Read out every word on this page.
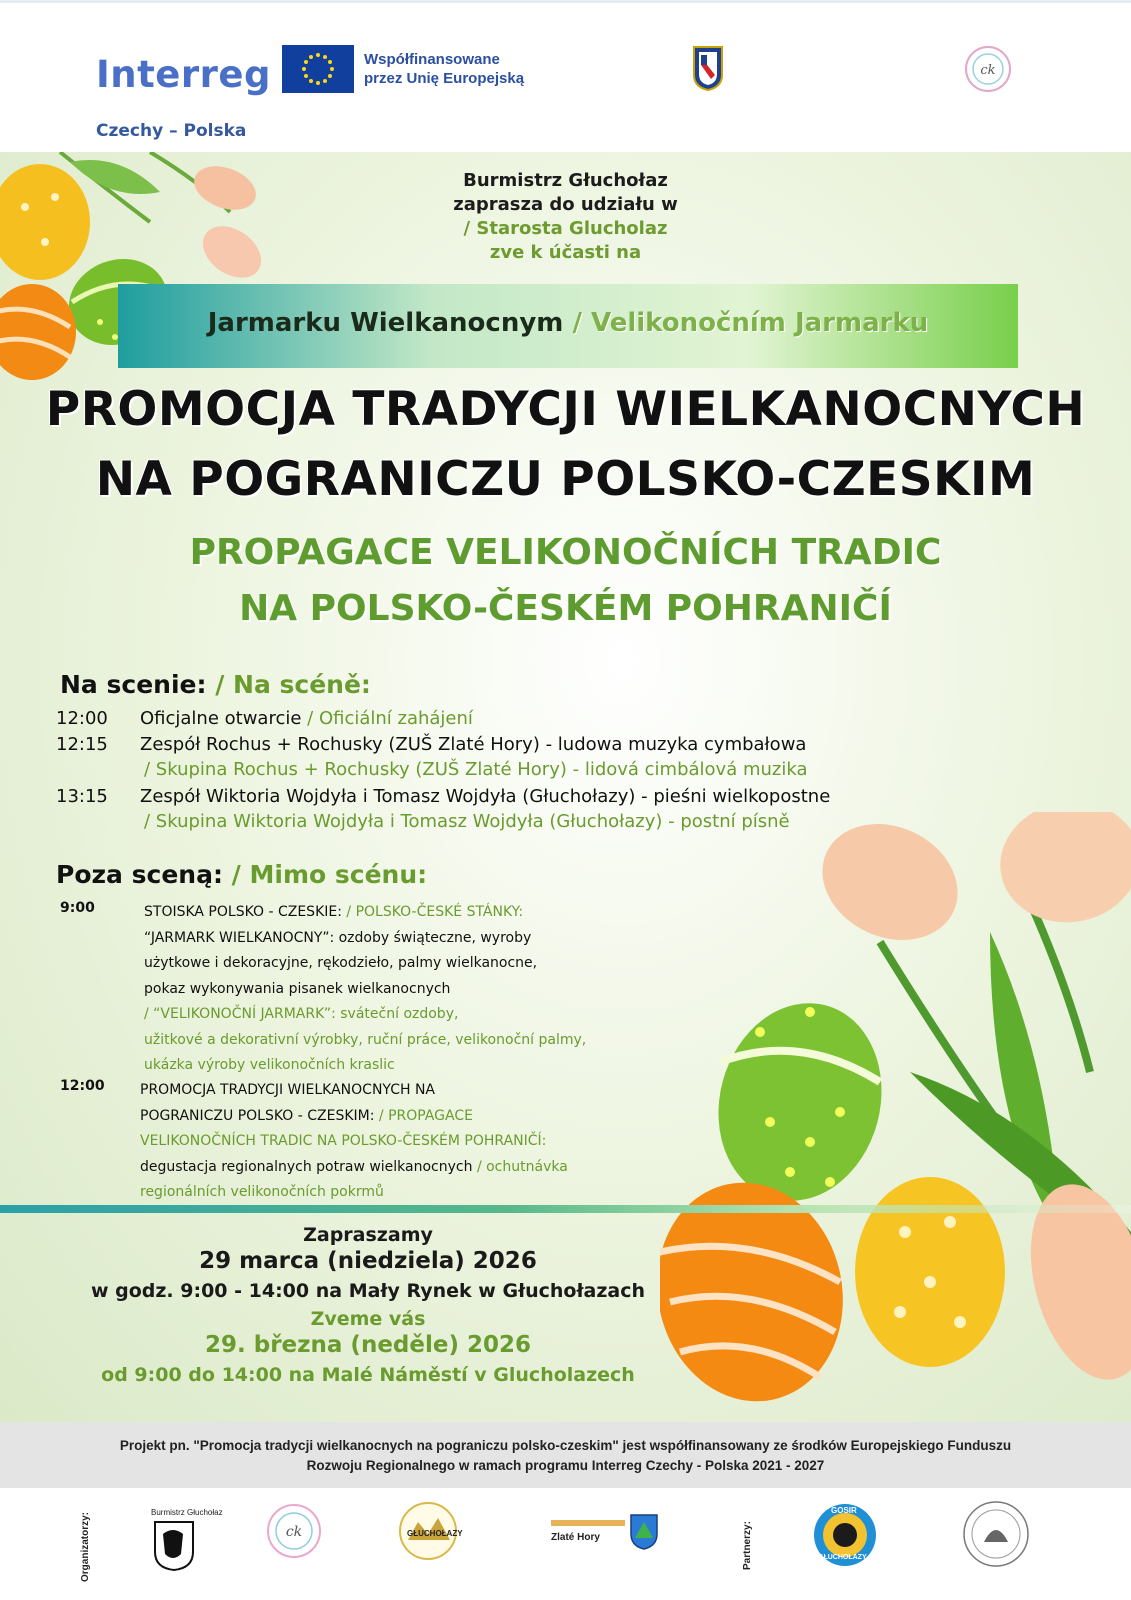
Interreg	Współfinansowane
przez Unię Europejską
Czechy – Polska
ck
Burmistrz Głuchołaz
zaprasza do udziału w
/ Starosta Glucholaz
zve k účasti na
Jarmarku Wielkanocnym / Velikonočním Jarmarku
PROMOCJA TRADYCJI WIELKANOCNYCH
NA POGRANICZU POLSKO-CZESKIM
PROPAGACE VELIKONOČNÍCH TRADIC
NA POLSKO-ČESKÉM POHRANIČÍ
Na scenie: / Na scéně:
12:00 Oficjalne otwarcie / Oficiální zahájení
12:15 Zespół Rochus + Rochusky (ZUŠ Zlaté Hory) - ludowa muzyka cymbałowa
/ Skupina Rochus + Rochusky (ZUŠ Zlaté Hory) - lidová cimbálová muzika
13:15 Zespół Wiktoria Wojdyła i Tomasz Wojdyła (Głuchołazy) - pieśni wielkopostne
/ Skupina Wiktoria Wojdyła i Tomasz Wojdyła (Głuchołazy) - postní písně
Poza sceną: / Mimo scénu:
9:00	STOISKA POLSKO - CZESKIE: / POLSKO-ČESKÉ STÁNKY:
“JARMARK WIELKANOCNY”: ozdoby świąteczne, wyroby
użytkowe i dekoracyjne, rękodzieło, palmy wielkanocne,
pokaz wykonywania pisanek wielkanocnych
/ “VELIKONOČNÍ JARMARK”: sváteční ozdoby,
užitkové a dekorativní výrobky, ruční práce, velikonoční palmy,
ukázka výroby velikonočních kraslic
12:00	PROMOCJA TRADYCJI WIELKANOCNYCH NA
POGRANICZU POLSKO - CZESKIM: / PROPAGACE
VELIKONOČNÍCH TRADIC NA POLSKO-ČESKÉM POHRANIČÍ:
degustacja regionalnych potraw wielkanocnych / ochutnávka
regionálních velikonočních pokrmů
Zapraszamy
29 marca (niedziela) 2026
w godz. 9:00 - 14:00 na Mały Rynek w Głuchołazach
Zveme vás
29. března (neděle) 2026
od 9:00 do 14:00 na Malé Náměstí v Glucholazech
Projekt pn. "Promocja tradycji wielkanocnych na pograniczu polsko-czeskim" jest współfinansowany ze środków Europejskiego Funduszu
Rozwoju Regionalnego w ramach programu Interreg Czechy - Polska 2021 - 2027
Organizatorzy:	Burmistrz Głuchołaz
ck	GŁUCHOŁAZY	Zlaté Hory	Partnerzy:
GOSIR
GŁUCHOŁAZY
